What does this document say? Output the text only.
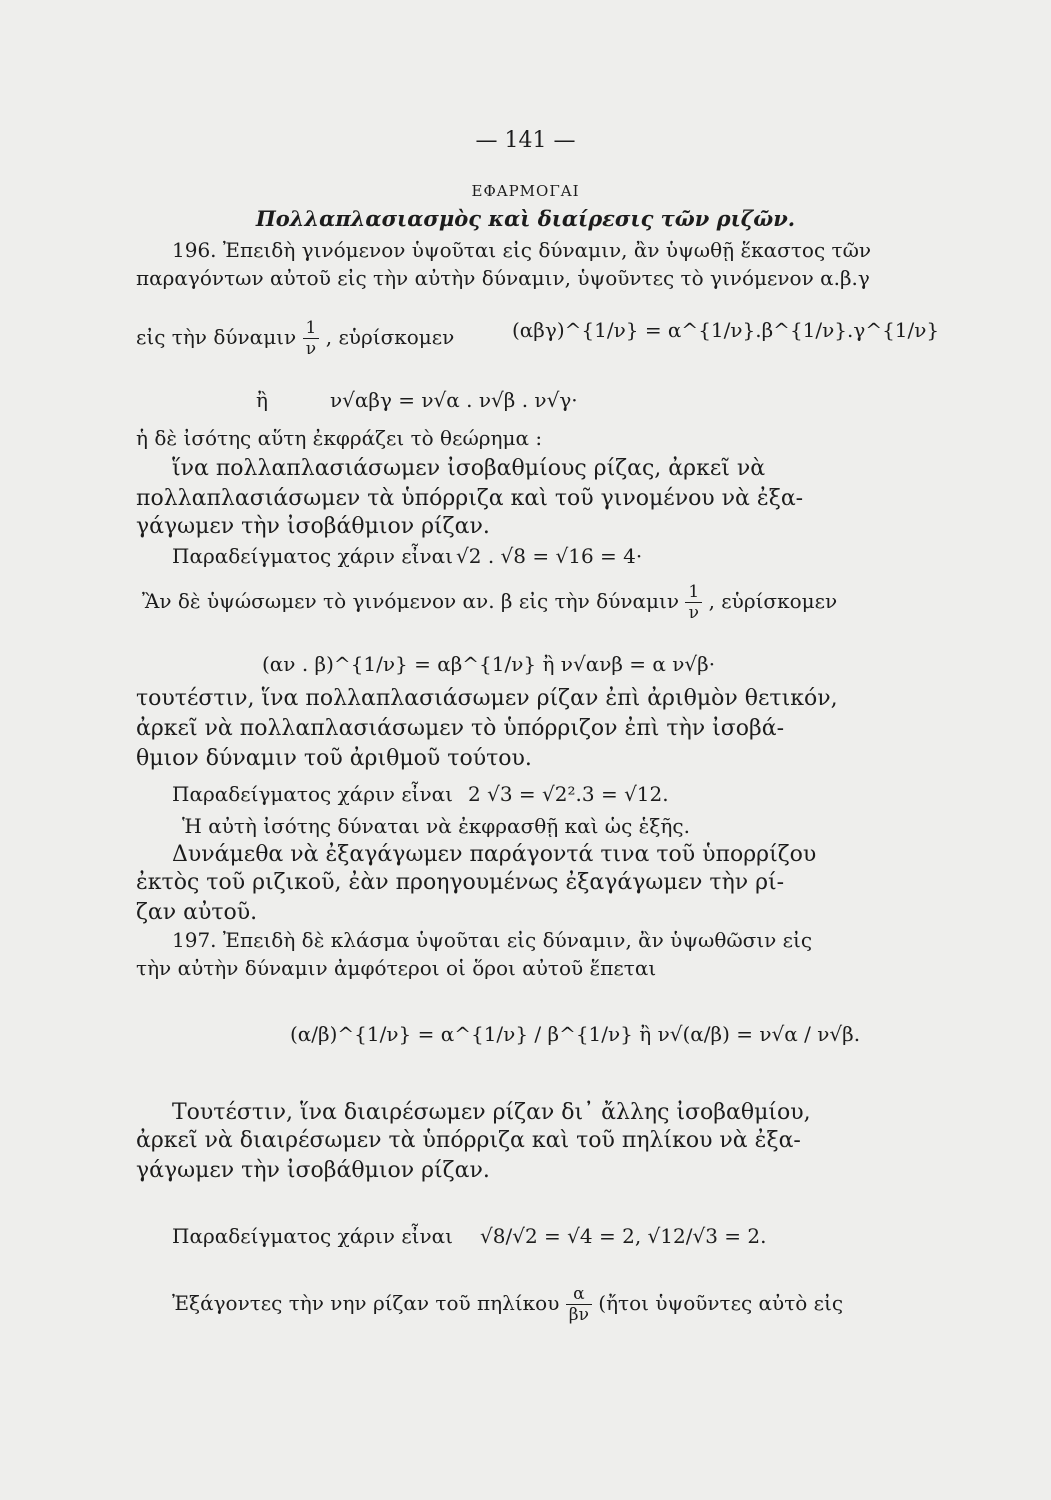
— 141 —
ΕΦΑΡΜΟΓΑΙ
Πολλαπλασιασμὸς καὶ διαίρεσις τῶν ριζῶν.
196. Ἐπειδὴ γινόμενον ὑψοῦται εἰς δύναμιν, ἂν ὑψωθῇ ἕκαστος τῶν
παραγόντων αὐτοῦ εἰς τὴν αὐτὴν δύναμιν, ὑψοῦντες τὸ γινόμενον α.β.γ
εἰς τὴν δύναμιν $\frac{1}{\nu}$ , εὑρίσκομεν	(αβγ)^{1/ν} = α^{1/ν}.β^{1/ν}.γ^{1/ν}
ἢ	ν√αβγ = ν√α . ν√β . ν√γ·
ἡ δὲ ἰσότης αὕτη ἐκφράζει τὸ θεώρημα :
ἵνα πολλαπλασιάσωμεν ἰσοβαθμίους ρίζας, ἀρκεῖ νὰ
πολλαπλασιάσωμεν τὰ ὑπόρριζα καὶ τοῦ γινομένου νὰ ἐξα-
γάγωμεν τὴν ἰσοβάθμιον ρίζαν.
Παραδείγματος χάριν εἶναι √2 . √8 = √16 = 4·
Ἂν δὲ ὑψώσωμεν τὸ γινόμενον αν. β εἰς τὴν δύναμιν $\frac{1}{\nu}$ , εὑρίσκομεν
(αν . β)^{1/ν} = αβ^{1/ν} ἢ ν√ανβ = α ν√β·
τουτέστιν, ἵνα πολλαπλασιάσωμεν ρίζαν ἐπὶ ἀριθμὸν θετικόν,
ἀρκεῖ νὰ πολλαπλασιάσωμεν τὸ ὑπόρριζον ἐπὶ τὴν ἰσοβά-
θμιον δύναμιν τοῦ ἀριθμοῦ τούτου.
Παραδείγματος χάριν εἶναι 2 √3 = √2².3 = √12.
Ἡ αὐτὴ ἰσότης δύναται νὰ ἐκφρασθῇ καὶ ὡς ἑξῆς.
Δυνάμεθα νὰ ἐξαγάγωμεν παράγοντά τινα τοῦ ὑπορρίζου
ἐκτὸς τοῦ ριζικοῦ, ἐὰν προηγουμένως ἐξαγάγωμεν τὴν ρί-
ζαν αὐτοῦ.
197. Ἐπειδὴ δὲ κλάσμα ὑψοῦται εἰς δύναμιν, ἂν ὑψωθῶσιν εἰς
τὴν αὐτὴν δύναμιν ἀμφότεροι οἱ ὅροι αὐτοῦ ἕπεται
(α/β)^{1/ν} = α^{1/ν} / β^{1/ν} ἢ ν√(α/β) = ν√α / ν√β.
Τουτέστιν, ἵνα διαιρέσωμεν ρίζαν δι᾽ ἄλλης ἰσοβαθμίου,
ἀρκεῖ νὰ διαιρέσωμεν τὰ ὑπόρριζα καὶ τοῦ πηλίκου νὰ ἐξα-
γάγωμεν τὴν ἰσοβάθμιον ρίζαν.
Παραδείγματος χάριν εἶναι √8/√2 = √4 = 2, √12/√3 = 2.
Ἐξάγοντες τὴν νην ρίζαν τοῦ πηλίκου $\frac{\alpha}{\beta\nu}$ (ἤτοι ὑψοῦντες αὐτὸ εἰς
